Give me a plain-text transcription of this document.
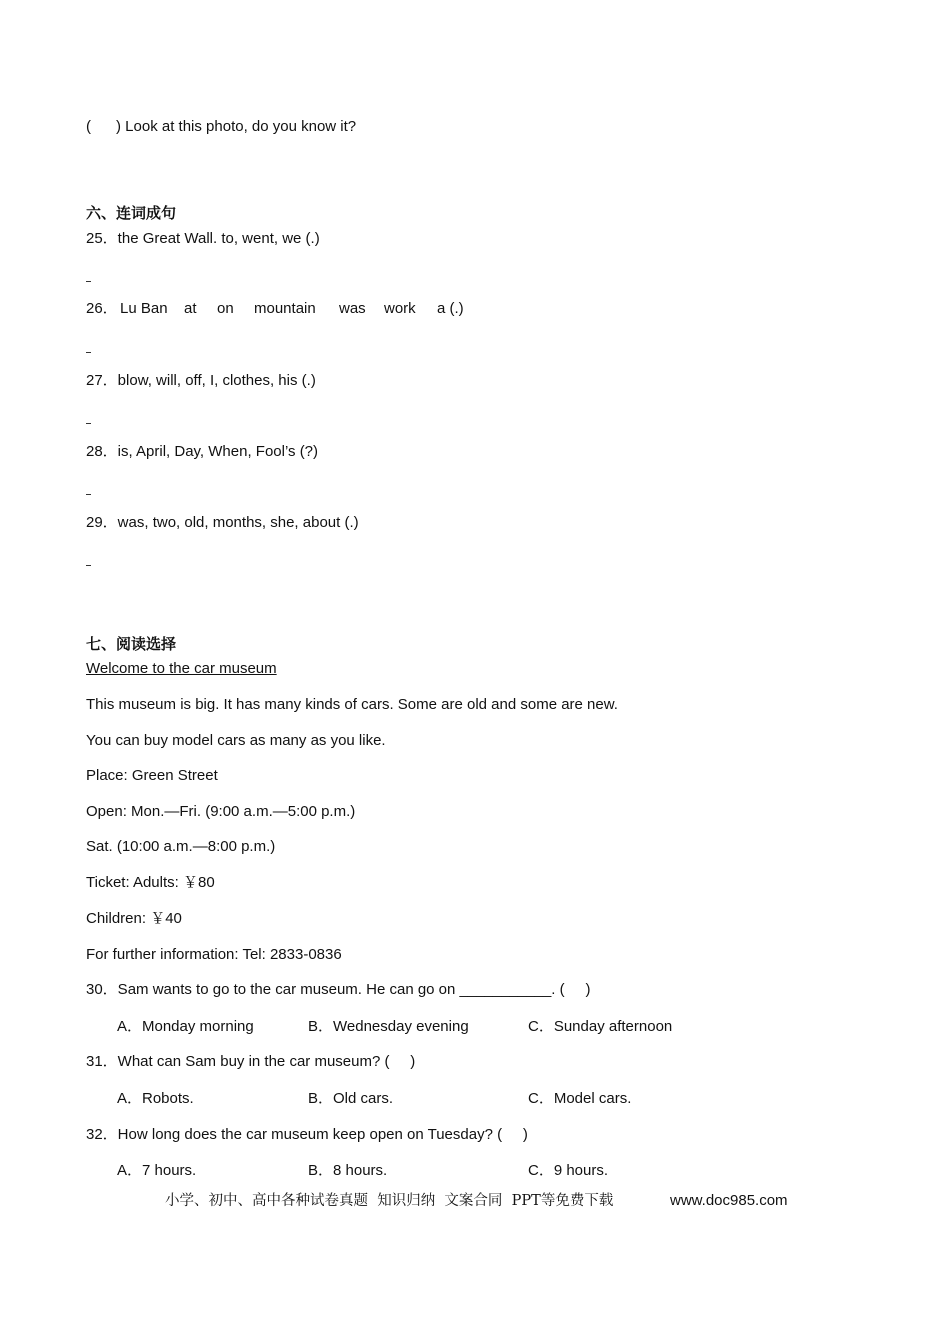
(      ) Look at this photo, do you know it?
六、连词成句
25．the Great Wall. to, went, we (.)
26． Lu Ban at on mountain was work a (.)
27．blow, will, off, I, clothes, his (.)
28．is, April, Day, When, Fool’s (?)
29．was, two, old, months, she, about (.)
七、阅读选择
Welcome to the car museum
This museum is big. It has many kinds of cars. Some are old and some are new.
You can buy model cars as many as you like.
Place: Green Street
Open: Mon.—Fri. (9:00 a.m.—5:00 p.m.)
Sat. (10:00 a.m.—8:00 p.m.)
Ticket: Adults: ￥80
Children: ￥40
For further information: Tel: 2833-0836
30．Sam wants to go to the car museum. He can go on ___________. (     )
A．Monday morning	B．Wednesday evening	C．Sunday afternoon
31．What can Sam buy in the car museum? (     )
A．Robots.	B．Old cars.	C．Model cars.
32．How long does the car museum keep open on Tuesday? (     )
A．7 hours.	B．8 hours.	C．9 hours.
小学、初中、高中各种试卷真题  知识归纳  文案合同  PPT等免费下载	www.doc985.com
